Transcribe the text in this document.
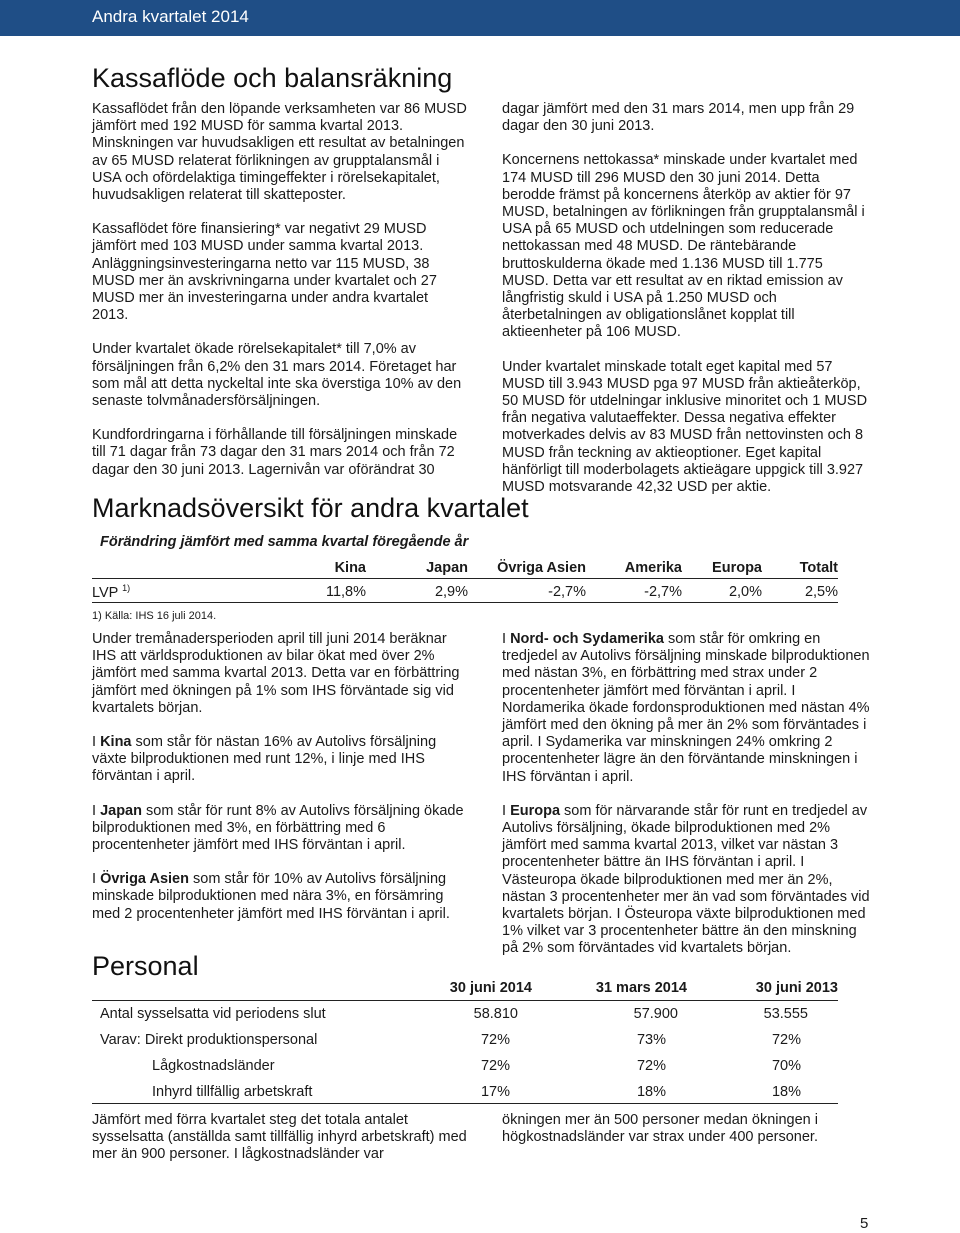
Andra kvartalet 2014
Kassaflöde och balansräkning

Kassaflödet från den löpande verksamheten var 86 MUSD jämfört med 192 MUSD för samma kvartal 2013. Minskningen var huvudsakligen ett resultat av betalningen av 65 MUSD relaterat förlikningen av grupptalansmål i USA och ofördelaktiga timingeffekter i rörelsekapitalet, huvudsakligen relaterat till skatteposter.

Kassaflödet före finansiering* var negativt 29 MUSD jämfört med 103 MUSD under samma kvartal 2013. Anläggningsinvesteringarna netto var 115 MUSD, 38 MUSD mer än avskrivningarna under kvartalet och 27 MUSD mer än investeringarna under andra kvartalet 2013.

Under kvartalet ökade rörelsekapitalet* till 7,0% av försäljningen från 6,2% den 31 mars 2014. Företaget har som mål att detta nyckeltal inte ska överstiga 10% av den senaste tolvmånadersförsäljningen.

Kundfordringarna i förhållande till försäljningen minskade till 71 dagar från 73 dagar den 31 mars 2014 och från 72 dagar den 30 juni 2013. Lagernivån var oförändrat 30

dagar jämfört med den 31 mars 2014, men upp från 29 dagar den 30 juni 2013.

Koncernens nettokassa* minskade under kvartalet med 174 MUSD till 296 MUSD den 30 juni 2014. Detta berodde främst på koncernens återköp av aktier för 97 MUSD, betalningen av förlikningen från grupptalansmål i USA på 65 MUSD och utdelningen som reducerade nettokassan med 48 MUSD. De räntebärande bruttoskulderna ökade med 1.136 MUSD till 1.775 MUSD. Detta var ett resultat av en riktad emission av långfristig skuld i USA på 1.250 MUSD och återbetalningen av obligationslånet kopplat till aktieenheter på 106 MUSD.

Under kvartalet minskade totalt eget kapital med 57 MUSD till 3.943 MUSD pga 97 MUSD från aktieåterköp, 50 MUSD för utdelningar inklusive minoritet och 1 MUSD från negativa valutaeffekter. Dessa negativa effekter motverkades delvis av 83 MUSD från nettovinsten och 8 MUSD från teckning av aktieoptioner. Eget kapital hänförligt till moderbolagets aktieägare uppgick till 3.927 MUSD motsvarande 42,32 USD per aktie.

Marknadsöversikt för andra kvartalet
Förändring jämfört med samma kvartal föregående år
	Kina	Japan	Övriga Asien	Amerika	Europa	Totalt
LVP $^{1)}$	11,8%	2,9%	-2,7%	-2,7%	2,0%	2,5%
1) Källa: IHS 16 juli 2014.

Under tremånadersperioden april till juni 2014 beräknar IHS att världsproduktionen av bilar ökat med över 2% jämfört med samma kvartal 2013. Detta var en förbättring jämfört med ökningen på 1% som IHS förväntade sig vid kvartalets början.

I Kina som står för nästan 16% av Autolivs försäljning växte bilproduktionen med runt 12%, i linje med IHS förväntan i april.

I Japan som står för runt 8% av Autolivs försäljning ökade bilproduktionen med 3%, en förbättring med 6 procentenheter jämfört med IHS förväntan i april.

I Övriga Asien som står för 10% av Autolivs försäljning minskade bilproduktionen med nära 3%, en försämring med 2 procentenheter jämfört med IHS förväntan i april.

I Nord- och Sydamerika som står för omkring en tredjedel av Autolivs försäljning minskade bilproduktionen med nästan 3%, en förbättring med strax under 2 procentenheter jämfört med förväntan i april. I Nordamerika ökade fordonsproduktionen med nästan 4% jämfört med den ökning på mer än 2% som förväntades i april. I Sydamerika var minskningen 24% omkring 2 procentenheter lägre än den förväntande minskningen i IHS förväntan i april.

I Europa som för närvarande står för runt en tredjedel av Autolivs försäljning, ökade bilproduktionen med 2% jämfört med samma kvartal 2013, vilket var nästan 3 procentenheter bättre än IHS förväntan i april. I Västeuropa ökade bilproduktionen med mer än 2%, nästan 3 procentenheter mer än vad som förväntades vid kvartalets början. I Östeuropa växte bilproduktionen med 1% vilket var 3 procentenheter bättre än den minskning på 2% som förväntades vid kvartalets början.

Personal
	30 juni 2014	31 mars 2014	30 juni 2013
Antal sysselsatta vid periodens slut	58.810	57.900	53.555
Varav: Direkt produktionspersonal	72%	73%	72%
Lågkostnadsländer	72%	72%	70%
Inhyrd tillfällig arbetskraft	17%	18%	18%

Jämfört med förra kvartalet steg det totala antalet sysselsatta (anställda samt tillfällig inhyrd arbetskraft) med mer än 900 personer. I lågkostnadsländer var

ökningen mer än 500 personer medan ökningen i högkostnadsländer var strax under 400 personer.

5
